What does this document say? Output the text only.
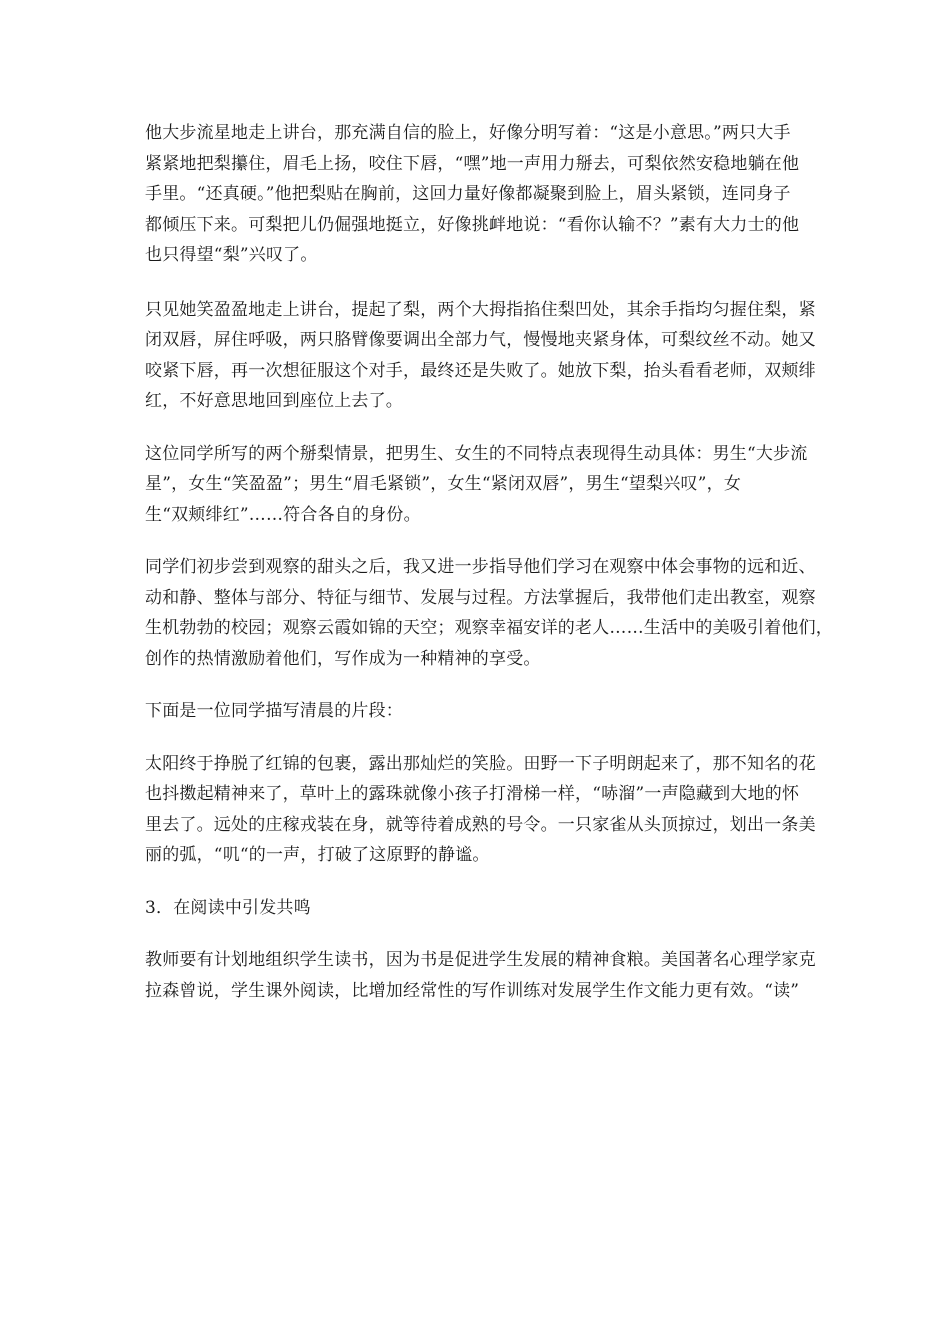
他大步流星地走上讲台，那充满自信的脸上，好像分明写着：“这是小意思。”两只大手
紧紧地把梨攥住，眉毛上扬，咬住下唇，“嘿”地一声用力掰去，可梨依然安稳地躺在他
手里。“还真硬。”他把梨贴在胸前，这回力量好像都凝聚到脸上，眉头紧锁，连同身子
都倾压下来。可梨把儿仍倔强地挺立，好像挑衅地说：“看你认输不？”素有大力士的他
也只得望“梨”兴叹了。
只见她笑盈盈地走上讲台，提起了梨，两个大拇指掐住梨凹处，其余手指均匀握住梨，紧
闭双唇，屏住呼吸，两只胳臂像要调出全部力气，慢慢地夹紧身体，可梨纹丝不动。她又
咬紧下唇，再一次想征服这个对手，最终还是失败了。她放下梨，抬头看看老师，双颊绯
红，不好意思地回到座位上去了。
这位同学所写的两个掰梨情景，把男生、女生的不同特点表现得生动具体：男生“大步流
星”，女生“笑盈盈”；男生“眉毛紧锁”，女生“紧闭双唇”，男生“望梨兴叹”，女
生“双颊绯红”……符合各自的身份。
同学们初步尝到观察的甜头之后，我又进一步指导他们学习在观察中体会事物的远和近、
动和静、整体与部分、特征与细节、发展与过程。方法掌握后，我带他们走出教室，观察
生机勃勃的校园；观察云霞如锦的天空；观察幸福安详的老人……生活中的美吸引着他们，
创作的热情激励着他们，写作成为一种精神的享受。
下面是一位同学描写清晨的片段：
太阳终于挣脱了红锦的包裹，露出那灿烂的笑脸。田野一下子明朗起来了，那不知名的花
也抖擞起精神来了，草叶上的露珠就像小孩子打滑梯一样，“哧溜”一声隐藏到大地的怀
里去了。远处的庄稼戎装在身，就等待着成熟的号令。一只家雀从头顶掠过，划出一条美
丽的弧，“叽“的一声，打破了这原野的静谧。
3．在阅读中引发共鸣
教师要有计划地组织学生读书，因为书是促进学生发展的精神食粮。美国著名心理学家克
拉森曾说，学生课外阅读，比增加经常性的写作训练对发展学生作文能力更有效。“读”
